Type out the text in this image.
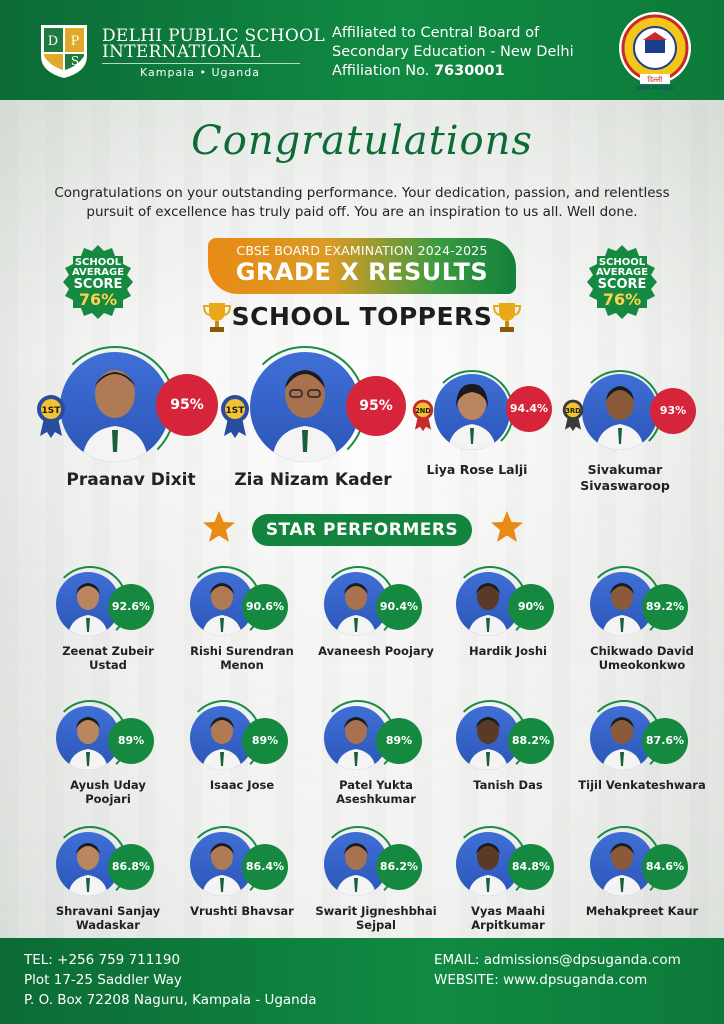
D P
S
DELHI PUBLIC SCHOOL
INTERNATIONAL
Kampala • Uganda
Affiliated to Central Board of
Secondary Education - New Delhi
Affiliation No. 7630001
दिल्ली
असतो मा सद्गमय
Congratulations
Congratulations on your outstanding performance. Your dedication, passion, and relentless pursuit of excellence has truly paid off. You are an inspiration to us all. Well done.
SCHOOL
AVERAGE
SCORE
76%
SCHOOL
AVERAGE
SCORE
76%
CBSE BOARD EXAMINATION 2024-2025
GRADE X RESULTS
SCHOOL TOPPERS
95%
1ST
Praanav Dixit
95%
1ST
Zia Nizam Kader
94.4%
2ND
Liya Rose Lalji
93%
3RD
Sivakumar
Sivaswaroop
STAR PERFORMERS
92.6%
Zeenat Zubeir
Ustad
90.6%
Rishi Surendran
Menon
90.4%
Avaneesh Poojary
90%
Hardik Joshi
89.2%
Chikwado David
Umeokonkwo
89%
Ayush Uday
Poojari
89%
Isaac Jose
89%
Patel Yukta
Aseshkumar
88.2%
Tanish Das
87.6%
Tijil Venkateshwara
86.8%
Shravani Sanjay
Wadaskar
86.4%
Vrushti Bhavsar
86.2%
Swarit Jigneshbhai
Sejpal
84.8%
Vyas Maahi
Arpitkumar
84.6%
Mehakpreet Kaur
TEL: +256 759 711190
Plot 17-25 Saddler Way
P. O. Box 72208 Naguru, Kampala - Uganda
EMAIL: admissions@dpsuganda.com
WEBSITE: www.dpsuganda.com
